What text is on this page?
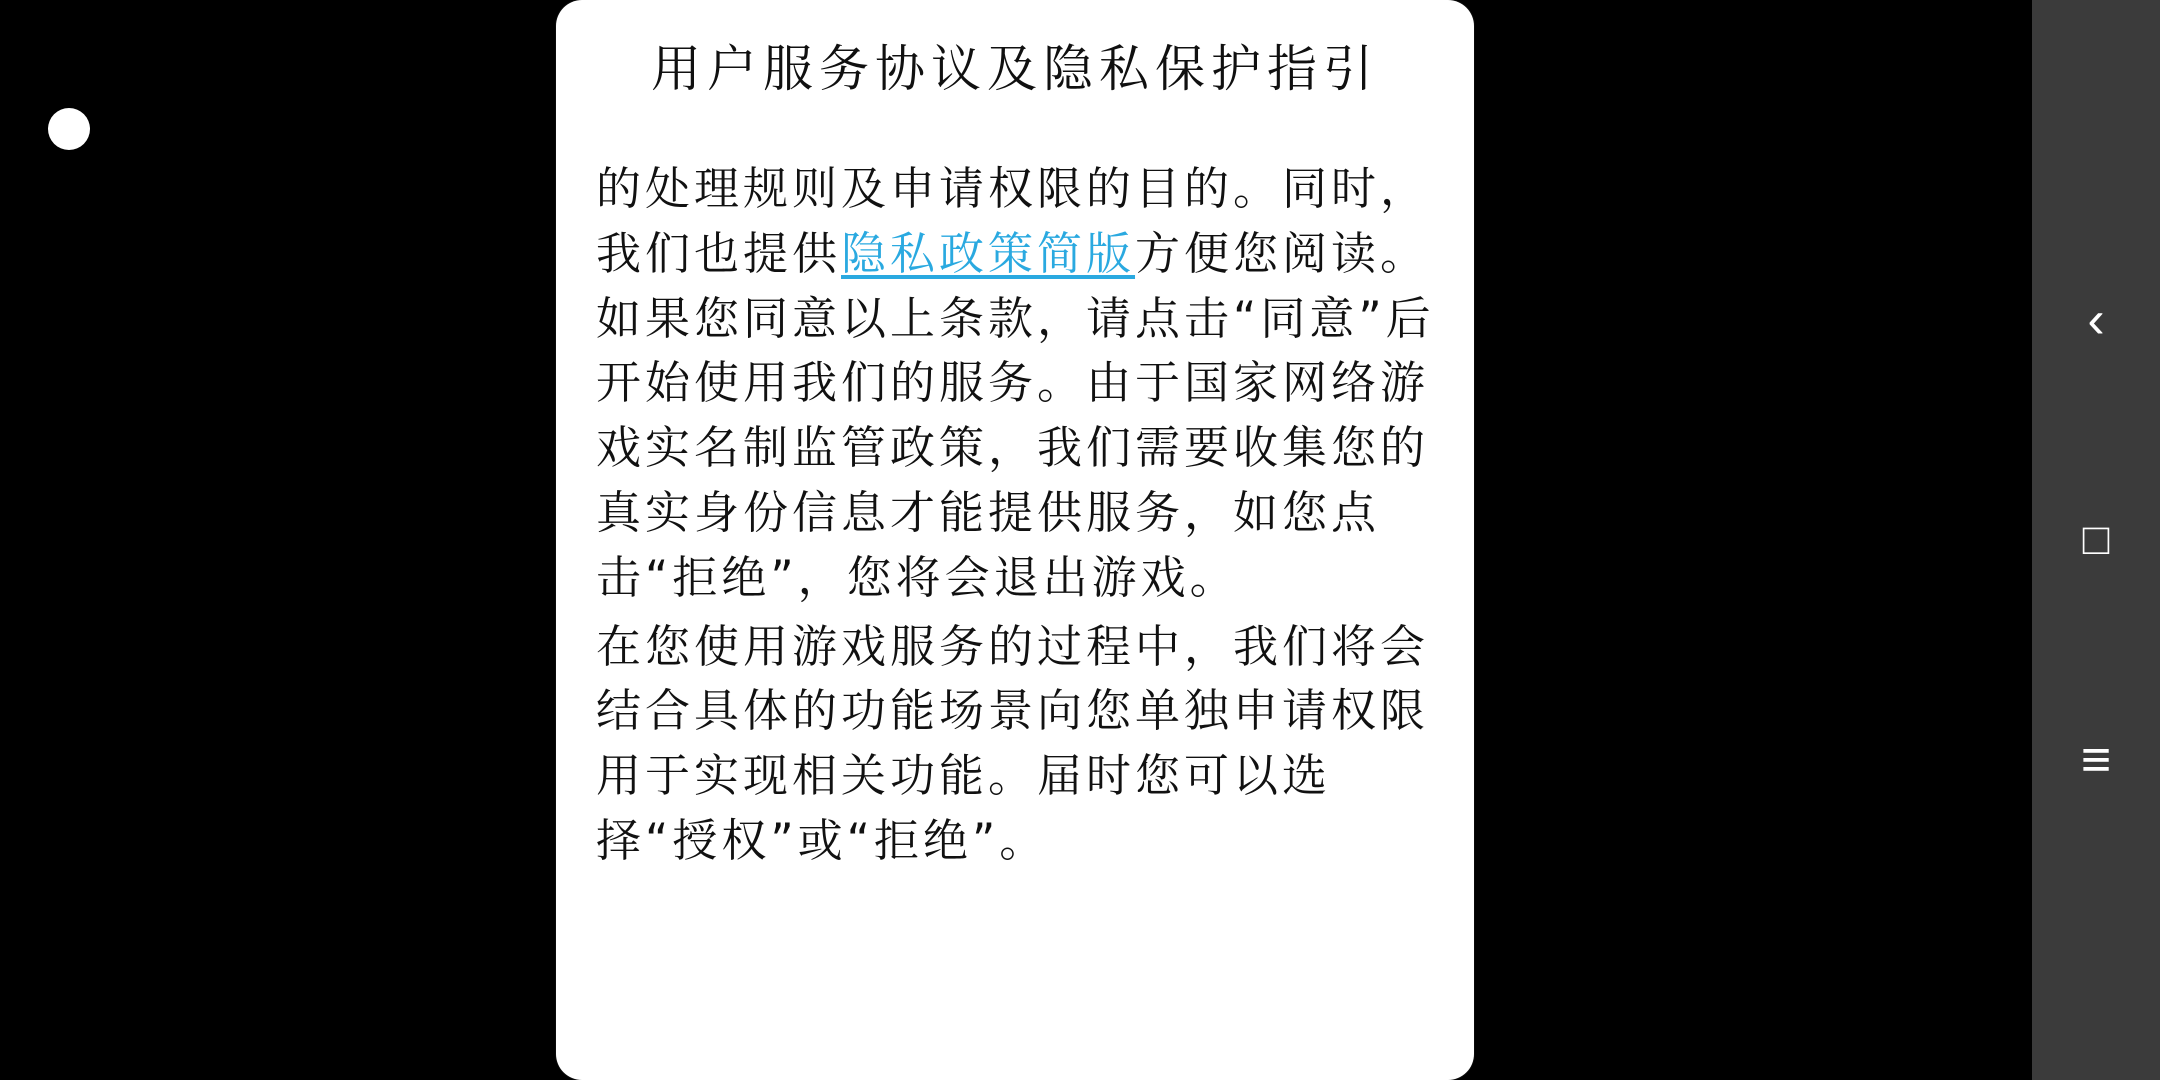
用户服务协议及隐私保护指引

的处理规则及申请权限的目的。同时，我们也提供隐私政策简版方便您阅读。如果您同意以上条款，请点击“同意”后开始使用我们的服务。由于国家网络游戏实名制监管政策，我们需要收集您的真实身份信息才能提供服务，如您点击“拒绝”，您将会退出游戏。

在您使用游戏服务的过程中，我们将会结合具体的功能场景向您单独申请权限用于实现相关功能。届时您可以选择“授权”或“拒绝”。

‹
□
≡
